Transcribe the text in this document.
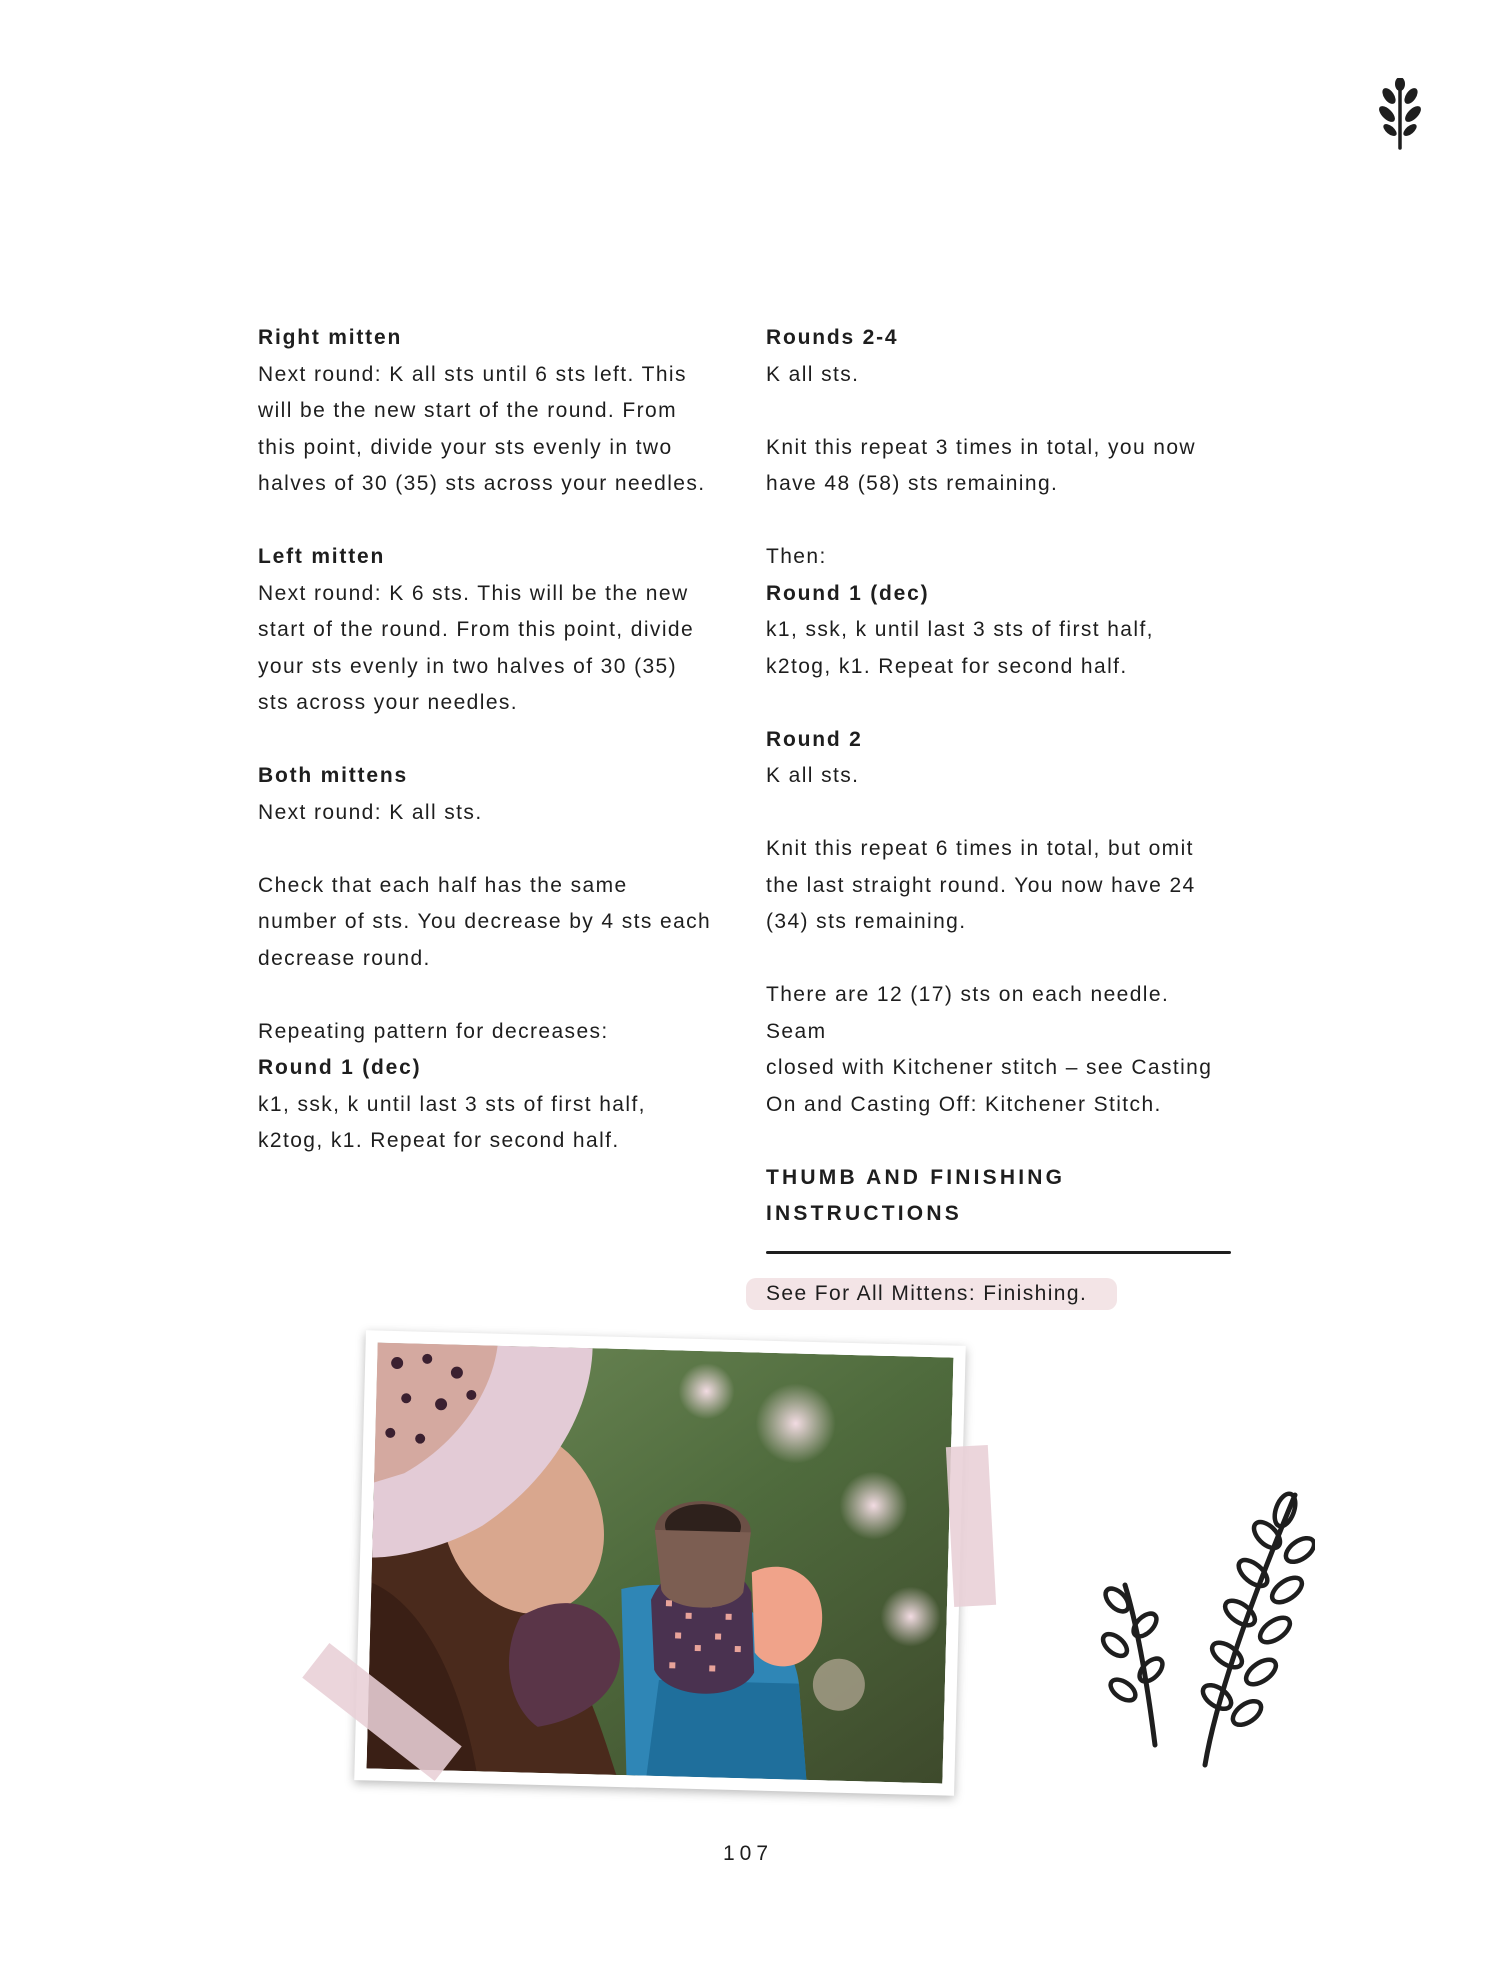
Right mitten

Next round: K all sts until 6 sts left. This

will be the new start of the round. From

this point, divide your sts evenly in two

halves of 30 (35) sts across your needles.

Left mitten

Next round: K 6 sts. This will be the new

start of the round. From this point, divide

your sts evenly in two halves of 30 (35)

sts across your needles.

Both mittens

Next round: K all sts.

Check that each half has the same

number of sts. You decrease by 4 sts each

decrease round.

Repeating pattern for decreases:

Round 1 (dec)

k1, ssk, k until last 3 sts of first half,

k2tog, k1. Repeat for second half.

Rounds 2-4

K all sts.

Knit this repeat 3 times in total, you now

have 48 (58) sts remaining.

Then:

Round 1 (dec)

k1, ssk, k until last 3 sts of first half,

k2tog, k1. Repeat for second half.

Round 2

K all sts.

Knit this repeat 6 times in total, but omit

the last straight round. You now have 24

(34) sts remaining.

There are 12 (17) sts on each needle. Seam

closed with Kitchener stitch – see Casting

On and Casting Off: Kitchener Stitch.

THUMB AND FINISHING

INSTRUCTIONS

See For All Mittens: Finishing.
107
